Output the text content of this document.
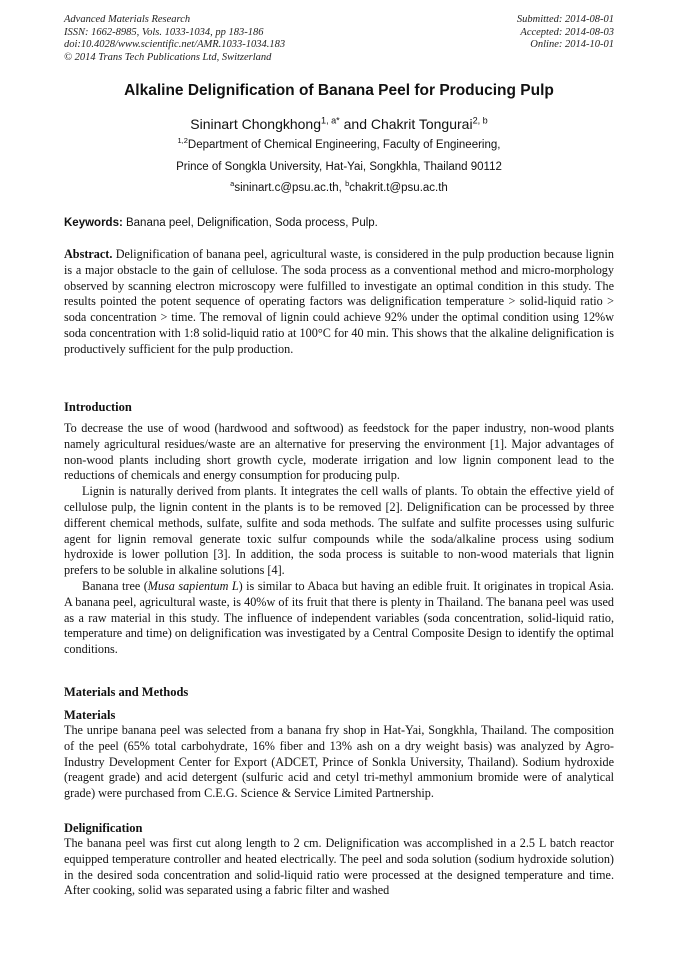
Advanced Materials Research
ISSN: 1662-8985, Vols. 1033-1034, pp 183-186
doi:10.4028/www.scientific.net/AMR.1033-1034.183
© 2014 Trans Tech Publications Ltd, Switzerland
Submitted: 2014-08-01
Accepted: 2014-08-03
Online: 2014-10-01
Alkaline Delignification of Banana Peel for Producing Pulp
Sininart Chongkhong$^{1, a*}$ and Chakrit Tongurai$^{2, b}$
$^{1,2}$Department of Chemical Engineering, Faculty of Engineering,
Prince of Songkla University, Hat-Yai, Songkhla, Thailand 90112
$^a$sininart.c@psu.ac.th, $^b$chakrit.t@psu.ac.th
Keywords: Banana peel, Delignification, Soda process, Pulp.

Abstract. Delignification of banana peel, agricultural waste, is considered in the pulp production because lignin is a major obstacle to the gain of cellulose. The soda process as a conventional method and micro-morphology observed by scanning electron microscopy were fulfilled to investigate an optimal condition in this study. The results pointed the potent sequence of operating factors was delignification temperature > solid-liquid ratio > soda concentration > time. The removal of lignin could achieve 92% under the optimal condition using 12%w soda concentration with 1:8 solid-liquid ratio at 100°C for 40 min. This shows that the alkaline delignification is productively sufficient for the pulp production.

Introduction

To decrease the use of wood (hardwood and softwood) as feedstock for the paper industry, non-wood plants namely agricultural residues/waste are an alternative for preserving the environment [1]. Major advantages of non-wood plants including short growth cycle, moderate irrigation and low lignin component lead to the reductions of chemicals and energy consumption for producing pulp.

Lignin is naturally derived from plants. It integrates the cell walls of plants. To obtain the effective yield of cellulose pulp, the lignin content in the plants is to be removed [2]. Delignification can be processed by three different chemical methods, sulfate, sulfite and soda methods. The sulfate and sulfite processes using sulfuric agent for lignin removal generate toxic sulfur compounds while the soda/alkaline process using sodium hydroxide is lower pollution [3]. In addition, the soda process is suitable to non-wood materials that lignin prefers to be soluble in alkaline solutions [4].

Banana tree (Musa sapientum L) is similar to Abaca but having an edible fruit. It originates in tropical Asia. A banana peel, agricultural waste, is 40%w of its fruit that there is plenty in Thailand. The banana peel was used as a raw material in this study. The influence of independent variables (soda concentration, solid-liquid ratio, temperature and time) on delignification was investigated by a Central Composite Design to identify the optimal conditions.

Materials and Methods
Materials

The unripe banana peel was selected from a banana fry shop in Hat-Yai, Songkhla, Thailand. The composition of the peel (65% total carbohydrate, 16% fiber and 13% ash on a dry weight basis) was analyzed by Agro-Industry Development Center for Export (ADCET, Prince of Sonkla University, Thailand). Sodium hydroxide (reagent grade) and acid detergent (sulfuric acid and cetyl tri-methyl ammonium bromide were of analytical grade) were purchased from C.E.G. Science & Service Limited Partnership.

Delignification

The banana peel was first cut along length to 2 cm. Delignification was accomplished in a 2.5 L batch reactor equipped temperature controller and heated electrically. The peel and soda solution (sodium hydroxide solution) in the desired soda concentration and solid-liquid ratio were processed at the designed temperature and time. After cooking, solid was separated using a fabric filter and washed
